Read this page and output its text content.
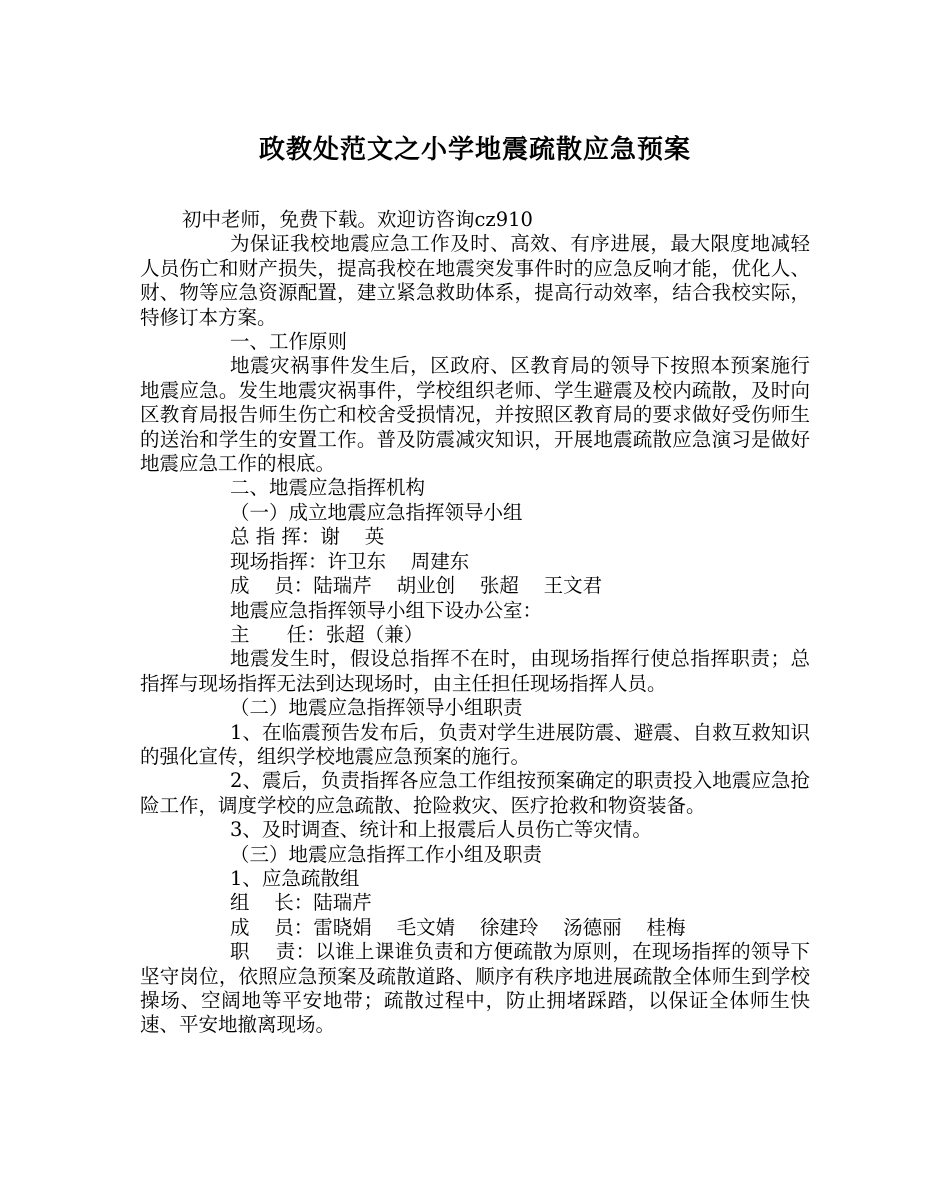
政教处范文之小学地震疏散应急预案

初中老师，免费下载。欢迎访咨询cz910

为保证我校地震应急工作及时、高效、有序进展，最大限度地减轻人员伤亡和财产损失，提高我校在地震突发事件时的应急反响才能，优化人、财、物等应急资源配置，建立紧急救助体系，提高行动效率，结合我校实际，特修订本方案。

一、工作原则

地震灾祸事件发生后，区政府、区教育局的领导下按照本预案施行地震应急。发生地震灾祸事件，学校组织老师、学生避震及校内疏散，及时向区教育局报告师生伤亡和校舍受损情况，并按照区教育局的要求做好受伤师生的送治和学生的安置工作。普及防震减灾知识，开展地震疏散应急演习是做好地震应急工作的根底。

二、地震应急指挥机构

（一）成立地震应急指挥领导小组

总 指 挥：谢    英

现场指挥：许卫东    周建东

成    员：陆瑞芹    胡业创    张超    王文君

地震应急指挥领导小组下设办公室：

主      任：张超（兼）

地震发生时，假设总指挥不在时，由现场指挥行使总指挥职责；总指挥与现场指挥无法到达现场时，由主任担任现场指挥人员。

（二）地震应急指挥领导小组职责

1、在临震预告发布后，负责对学生进展防震、避震、自救互救知识的强化宣传，组织学校地震应急预案的施行。

2、震后，负责指挥各应急工作组按预案确定的职责投入地震应急抢险工作，调度学校的应急疏散、抢险救灾、医疗抢救和物资装备。

3、及时调查、统计和上报震后人员伤亡等灾情。

（三）地震应急指挥工作小组及职责

1、应急疏散组

组    长：陆瑞芹

成    员：雷晓娟    毛文婧    徐建玲    汤德丽    桂梅

职    责：以谁上课谁负责和方便疏散为原则，在现场指挥的领导下坚守岗位，依照应急预案及疏散道路、顺序有秩序地进展疏散全体师生到学校操场、空阔地等平安地带；疏散过程中，防止拥堵踩踏，以保证全体师生快速、平安地撤离现场。
